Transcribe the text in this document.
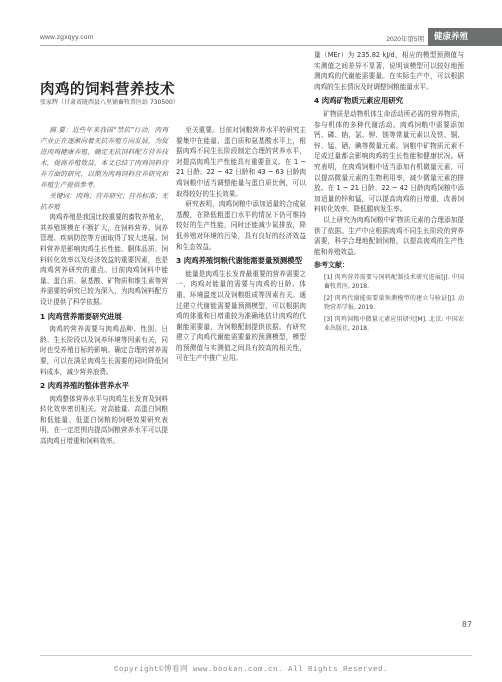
www.zgxqyy.com	2020年第5期	健康养殖
肉鸡的饲料营养技术
张家辉（甘肃省陇西县八里铺畜牧兽医站 730500）

摘 要：近些年来我国“禁抗”行动，肉鸡产业正在逐渐向着无抗养殖方向发展，为促进肉鸡健康养殖，确定无抗饲料配方营养技术，提高养殖效益，本文总结了肉鸡饲料营养方面的研究，以期为肉鸡饲料营养研究和养殖生产提供参考。

关键词：肉鸡；营养研究；营养标准；无抗养殖

肉鸡养殖是我国比较重要的畜牧养殖业，其养殖规模在不断扩大，在饲料营养、饲养管理、疾病防控等方面取得了较大进展。饲料营养是影响肉鸡生长性能、胴体品质、饲料转化效率以及经济效益的重要因素，也是肉鸡营养研究的重点。目前肉鸡饲料中能量、蛋白质、氨基酸、矿物质和维生素等营养需要的研究已较为深入，为肉鸡饲料配方设计提供了科学依据。

1 肉鸡营养需要研究进展

肉鸡的营养需要与肉鸡品种、性别、日龄、生长阶段以及饲养环境等因素有关，同时也受养殖目标的影响。确定合理的营养需要，可以在满足肉鸡生长需要的同时降低饲料成本，减少营养浪费。

2 肉鸡养殖的整体营养水平

肉鸡整体营养水平与肉鸡生长发育及饲料转化效率密切相关。对高能量、高蛋白饲粮和低能量、低蛋白饲粮的饲喂效果研究表明，在一定范围内提高饲粮营养水平可以提高肉鸡日增重和饲料效率。

至关重要。目前对饲粮营养水平的研究主要集中在能量、蛋白质和氨基酸水平上，根据肉鸡不同生长阶段制定合理的营养水平，对提高肉鸡生产性能具有重要意义。在 1 ~ 21 日龄、22 ~ 42 日龄和 43 ~ 63 日龄肉鸡饲粮中适当调整能量与蛋白质比例，可以取得较好的生长效果。

研究表明，肉鸡饲粮中添加适量的合成氨基酸，在降低粗蛋白水平的情况下仍可维持较好的生产性能，同时还能减少氮排放，降低养殖对环境的污染，具有良好的经济效益和生态效益。

3 肉鸡养殖饲粮代谢能需要量预测模型

能量是肉鸡生长发育最重要的营养需要之一，肉鸡对能量的需要与肉鸡的日龄、体重、环境温度以及饲粮组成等因素有关。通过建立代谢能需要量预测模型，可以根据肉鸡的体重和日增重较为准确地估计肉鸡的代谢能需要量，为饲粮配制提供依据。有研究建立了肉鸡代谢能需要量的预测模型，模型的预测值与实测值之间具有较高的相关性，可在生产中推广应用。

量（MEr）为 235.82 kJ/d，相应的模型预测值与实测值之间差异不显著，说明该模型可以较好地预测肉鸡的代谢能需要量。在实际生产中，可以根据肉鸡的生长情况及时调整饲粮能量水平。

4 肉鸡矿物质元素应用研究

矿物质是动物机体生命活动所必需的营养物质，参与机体的多种代谢活动。肉鸡饲粮中需要添加钙、磷、钠、氯、钾、镁等常量元素以及铁、铜、锌、锰、硒、碘等微量元素。饲粮中矿物质元素不足或过量都会影响肉鸡的生长性能和健康状况。研究表明，在肉鸡饲粮中适当添加有机微量元素，可以提高微量元素的生物利用率，减少微量元素的排放。在 1 ~ 21 日龄、22 ~ 42 日龄肉鸡饲粮中添加适量的锌和锰，可以提高肉鸡的日增重，改善饲料转化效率，降低腿病发生率。

以上研究为肉鸡饲粮中矿物质元素的合理添加提供了依据。生产中应根据肉鸡不同生长阶段的营养需要，科学合理地配制饲粮，以提高肉鸡的生产性能和养殖效益。

参考文献：

[1] 肉鸡营养需要与饲料配制技术研究进展[J]. 中国畜牧兽医, 2018.

[2] 肉鸡代谢能需要量预测模型的建立与验证[J]. 动物营养学报, 2019.

[3] 肉鸡饲粮中微量元素应用研究[M]. 北京: 中国农业出版社, 2018.

87
Copyright©博看网 www.bookan.com.cn. All Rights Reserved.
